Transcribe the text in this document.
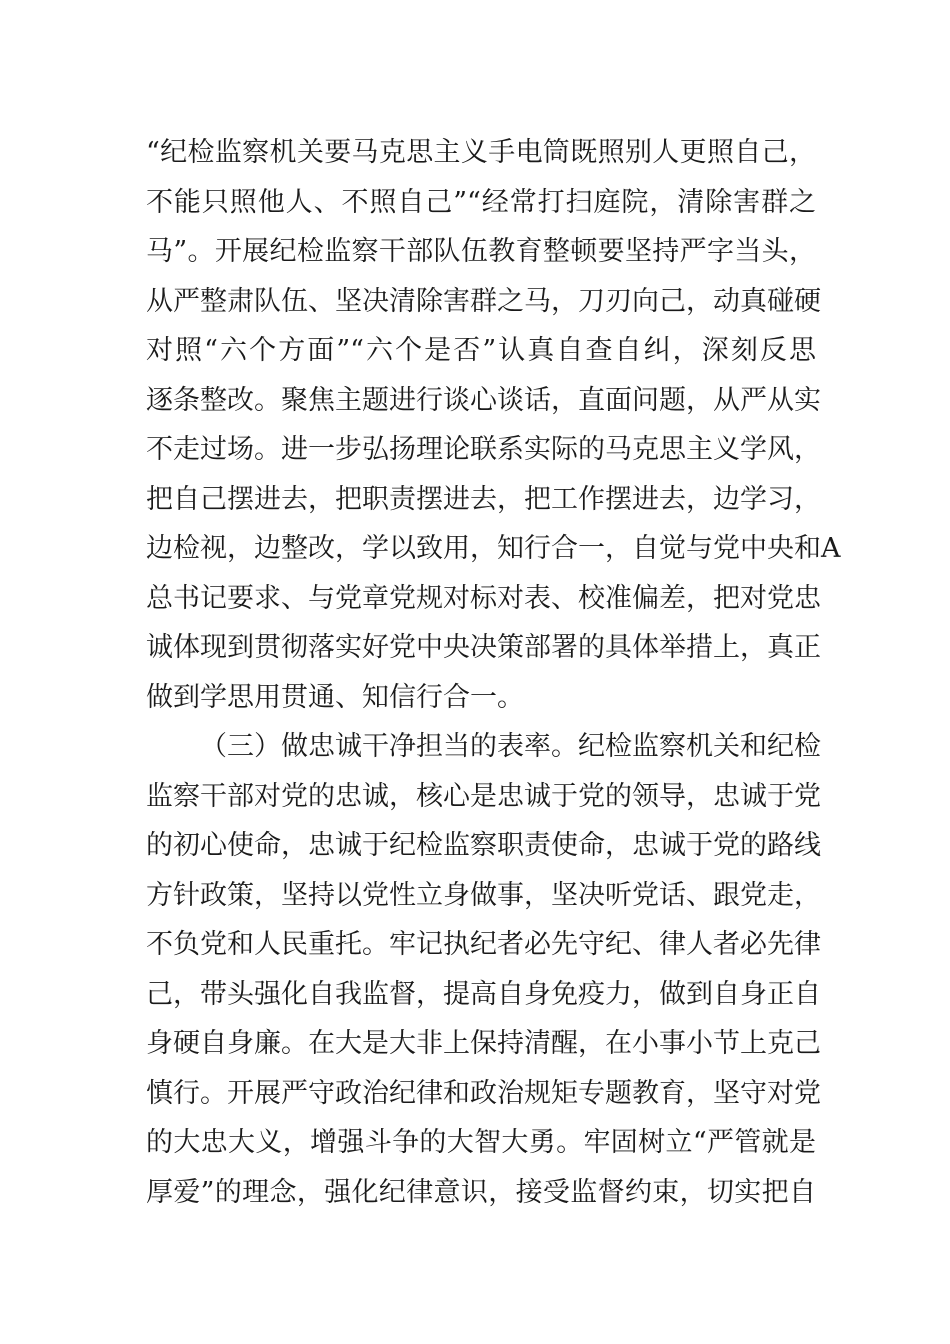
“纪检监察机关要马克思主义手电筒既照别人更照自己，
不能只照他人、不照自己”“经常打扫庭院，清除害群之
马”。开展纪检监察干部队伍教育整顿要坚持严字当头，
从严整肃队伍、坚决清除害群之马，刀刃向己，动真碰硬
对照“六个方面”“六个是否”认真自查自纠，深刻反思
逐条整改。聚焦主题进行谈心谈话，直面问题，从严从实
不走过场。进一步弘扬理论联系实际的马克思主义学风，
把自己摆进去，把职责摆进去，把工作摆进去，边学习，
边检视，边整改，学以致用，知行合一，自觉与党中央和A
总书记要求、与党章党规对标对表、校准偏差，把对党忠
诚体现到贯彻落实好党中央决策部署的具体举措上，真正
做到学思用贯通、知信行合一。
（三）做忠诚干净担当的表率。纪检监察机关和纪检
监察干部对党的忠诚，核心是忠诚于党的领导，忠诚于党
的初心使命，忠诚于纪检监察职责使命，忠诚于党的路线
方针政策，坚持以党性立身做事，坚决听党话、跟党走，
不负党和人民重托。牢记执纪者必先守纪、律人者必先律
己，带头强化自我监督，提高自身免疫力，做到自身正自
身硬自身廉。在大是大非上保持清醒，在小事小节上克己
慎行。开展严守政治纪律和政治规矩专题教育，坚守对党
的大忠大义，增强斗争的大智大勇。牢固树立“严管就是
厚爱”的理念，强化纪律意识，接受监督约束，切实把自
